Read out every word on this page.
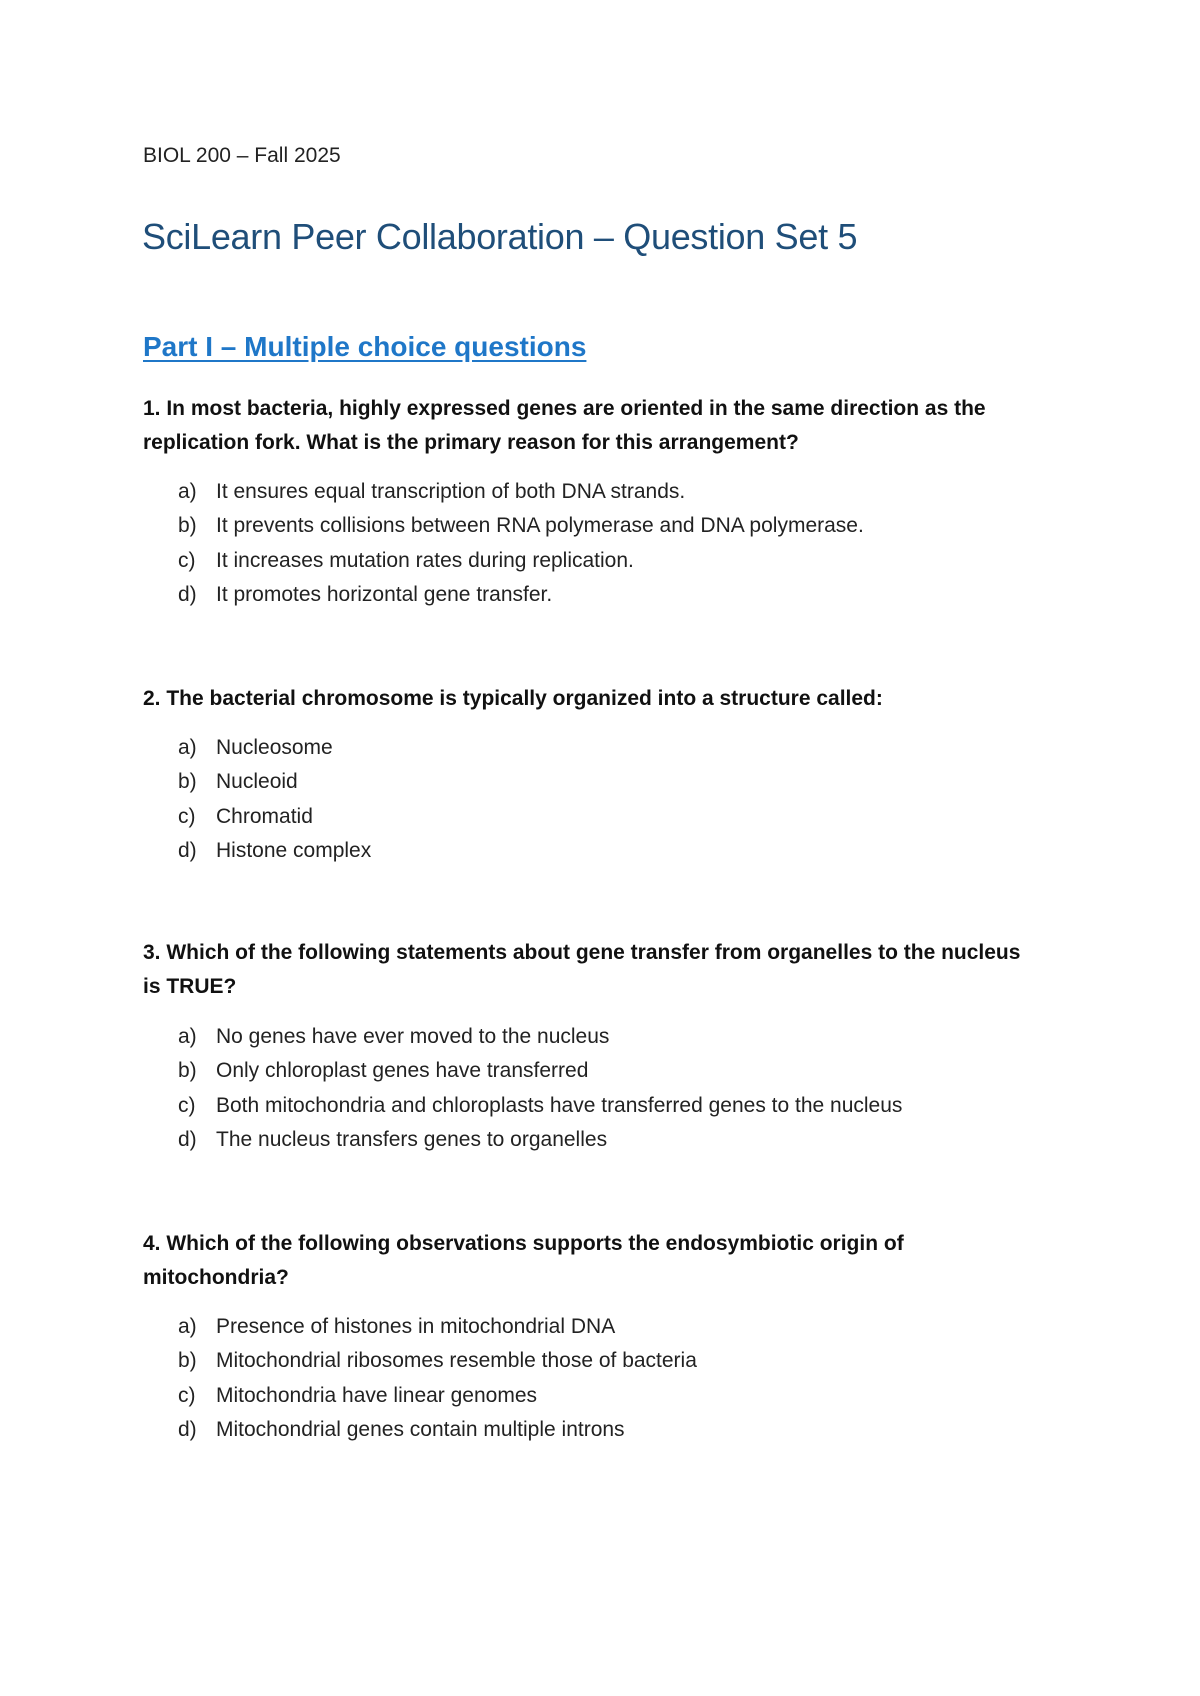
BIOL 200 – Fall 2025
SciLearn Peer Collaboration – Question Set 5
Part I – Multiple choice questions
1. In most bacteria, highly expressed genes are oriented in the same direction as the replication fork. What is the primary reason for this arrangement?
a) It ensures equal transcription of both DNA strands.
b) It prevents collisions between RNA polymerase and DNA polymerase.
c) It increases mutation rates during replication.
d) It promotes horizontal gene transfer.
2. The bacterial chromosome is typically organized into a structure called:
a) Nucleosome
b) Nucleoid
c) Chromatid
d) Histone complex
3. Which of the following statements about gene transfer from organelles to the nucleus is TRUE?
a) No genes have ever moved to the nucleus
b) Only chloroplast genes have transferred
c) Both mitochondria and chloroplasts have transferred genes to the nucleus
d) The nucleus transfers genes to organelles
4. Which of the following observations supports the endosymbiotic origin of mitochondria?
a) Presence of histones in mitochondrial DNA
b) Mitochondrial ribosomes resemble those of bacteria
c) Mitochondria have linear genomes
d) Mitochondrial genes contain multiple introns
